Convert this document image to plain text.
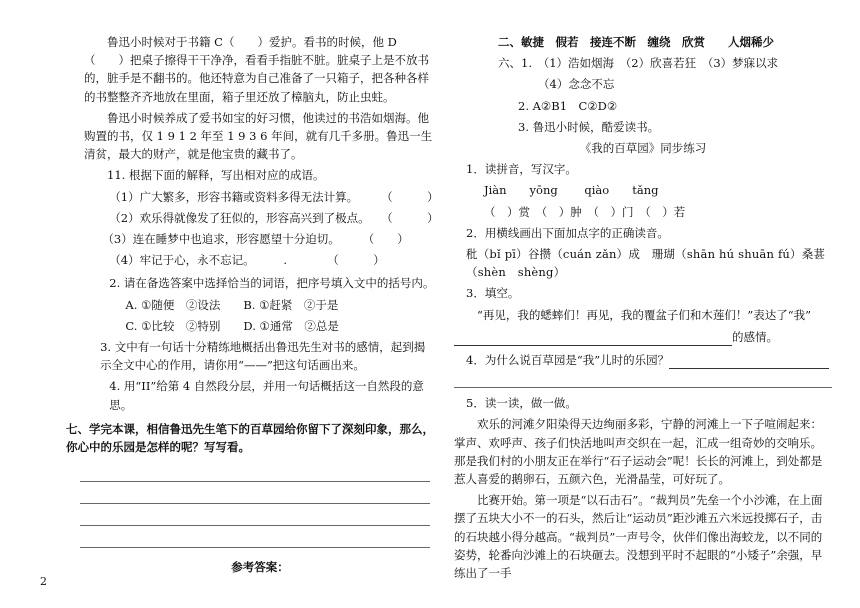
2

鲁迅小时候对于书籍 C（　　）爱护。看书的时候，他 D（　　）把桌子擦得干干净净，看看手指脏不脏。脏桌子上是不放书的，脏手是不翻书的。他还特意为自己准备了一只箱子，把各种各样的书整整齐齐地放在里面，箱子里还放了樟脑丸，防止虫蛀。

鲁迅小时候养成了爱书如宝的好习惯，他读过的书浩如烟海。他购置的书，仅 1 9 1 2 年至 1 9 3 6 年间，就有几千多册。鲁迅一生清贫，最大的财产，就是他宝贵的藏书了。

11. 根据下面的解释，写出相对应的成语。

（1）广大繁多，形容书籍或资料多得无法计算。　　　（　　　）

（2）欢乐得就像发了狂似的，形容高兴到了极点。　　（　　　）

（3）连在睡梦中也追求，形容愿望十分迫切。　　　（　　）

（4）牢记于心，永不忘记。　　　.　　　　（　　　）

2. 请在备选答案中选择恰当的词语，把序号填入文中的括号内。

A. ①随便　②设法　　B. ①赶紧　②于是

C. ①比较　②特别　　D. ①通常　②总是

3. 文中有一句话十分精练地概括出鲁迅先生对书的感情，起到揭示全文中心的作用，请你用“——”把这句话画出来。

4. 用“II”给第 4 自然段分层，并用一句话概括这一自然段的意思。

七、学完本课，相信鲁迅先生笔下的百草园给你留下了深刻印象，那么，你心中的乐园是怎样的呢？写写看。

参考答案：

二、敏捷　假若　接连不断　缠绕　欣赏　　人烟稀少

六、1.　（1）浩如烟海　（2）欣喜若狂　（3）梦寐以求

（4）念念不忘

2. A②B1　C②D②

3. 鲁迅小时候，酷爱读书。

《我的百草园》同步练习

1．读拼音，写汉字。

Jiàn　　yōng　　 qiào　　tǎng

（　）赏　（　）肿　（　）门　（　）若

2．用横线画出下面加点字的正确读音。

秕（bǐ pī）谷攒（cuán zǎn）成　珊瑚（shān hú shuān fú）桑葚（shèn　shèng）

3．填空。

“再见，我的蟋蟀们！再见，我的覆盆子们和木莲们！”表达了“我”

的感情。
4．为什么说百草园是“我”儿时的乐园？

5．读一读，做一做。

欢乐的河滩夕阳染得天边绚丽多彩，宁静的河滩上一下子喧闹起来：掌声、欢呼声、孩子们快活地叫声交织在一起，汇成一组奇妙的交响乐。那是我们村的小朋友正在举行“石子运动会”呢！长长的河滩上，到处都是惹人喜爱的鹅卵石，五颜六色，光滑晶莹，可好玩了。

比赛开始。第一项是“以石击石”。“裁判员”先垒一个小沙滩，在上面摆了五块大小不一的石头，然后让“运动员”距沙滩五六米远投掷石子，击的石块越小得分越高。“裁判员”一声号令，伙伴们像出海蛟龙，以不同的姿势，轮番向沙滩上的石块砸去。没想到平时不起眼的“小矮子”余强，早练出了一手
